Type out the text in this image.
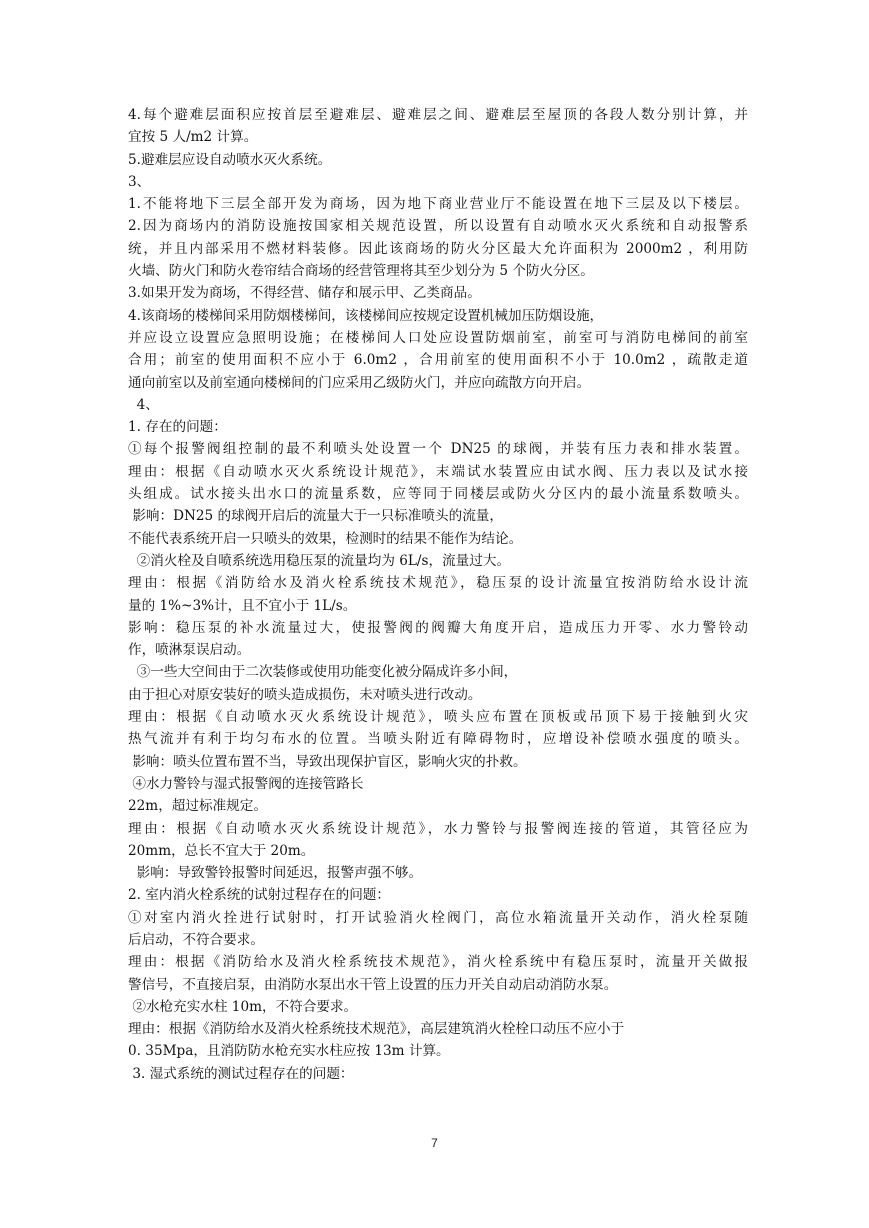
4.每个避难层面积应按首层至避难层、避难层之间、避难层至屋顶的各段人数分别计算，并
宜按 5 人/m2 计算。
5.避难层应设自动喷水灭火系统。
3、
1.不能将地下三层全部开发为商场，因为地下商业营业厅不能设置在地下三层及以下楼层。
2.因为商场内的消防设施按国家相关规范设置，所以设置有自动喷水灭火系统和自动报警系
统，并且内部采用不燃材料装修。因此该商场的防火分区最大允许面积为 2000m2 ，利用防
火墙、防火门和防火卷帘结合商场的经营管理将其至少划分为 5 个防火分区。
3.如果开发为商场，不得经营、储存和展示甲、乙类商品。
4.该商场的楼梯间采用防烟楼梯间，该楼梯间应按规定设置机械加压防烟设施，
并应设立设置应急照明设施；在楼梯间人口处应设置防烟前室，前室可与消防电梯间的前室
合用；前室的使用面积不应小于 6.0m2 ，合用前室的使用面积不小于 10.0m2 ，疏散走道
通向前室以及前室通向楼梯间的门应采用乙级防火门，并应向疏散方向开启。
4、
1. 存在的问题：
①每个报警阀组控制的最不利喷头处设置一个 DN25 的球阀，并装有压力表和排水装置。
理由：根据《自动喷水灭火系统设计规范》，末端试水装置应由试水阀、压力表以及试水接
头组成。试水接头出水口的流量系数，应等同于同楼层或防火分区内的最小流量系数喷头。
影响：DN25 的球阀开启后的流量大于一只标准喷头的流量，
不能代表系统开启一只喷头的效果，检测时的结果不能作为结论。
②消火栓及自喷系统选用稳压泵的流量均为 6L/s，流量过大。
理由：根据《消防给水及消火栓系统技术规范》，稳压泵的设计流量宜按消防给水设计流
量的 1%~3%计，且不宜小于 1L/s。
影响：稳压泵的补水流量过大，使报警阀的阀瓣大角度开启，造成压力开零、水力警铃动
作，喷淋泵误启动。
③一些大空间由于二次装修或使用功能变化被分隔成许多小间，
由于担心对原安装好的喷头造成损伤，未对喷头进行改动。
理由：根据《自动喷水灭火系统设计规范》，喷头应布置在顶板或吊顶下易于接触到火灾
热气流并有利于均匀布水的位置。当喷头附近有障碍物时，应增设补偿喷水强度的喷头。
影响：喷头位置布置不当，导致出现保护盲区，影响火灾的扑救。
④水力警铃与湿式报警阀的连接管路长
22m，超过标准规定。
理由：根据《自动喷水灭火系统设计规范》，水力警铃与报警阀连接的管道，其管径应为
20mm，总长不宜大于 20m。
影响：导致警铃报警时间延迟，报警声强不够。
2. 室内消火栓系统的试射过程存在的问题：
①对室内消火拴进行试射时，打开试验消火栓阀门，高位水箱流量开关动作，消火栓泵随
后启动，不符合要求。
理由：根据《消防给水及消火栓系统技术规范》，消火栓系统中有稳压泵时，流量开关做报
警信号，不直接启泵，由消防水泵出水干管上设置的压力开关自动启动消防水泵。
②水枪充实水柱 10m，不符合要求。
理由：根据《消防给水及消火栓系统技术规范》，高层建筑消火栓栓口动压不应小于
0. 35Mpa，且消防防水枪充实水柱应按 13m 计算。
3. 湿式系统的测试过程存在的问题：
7
